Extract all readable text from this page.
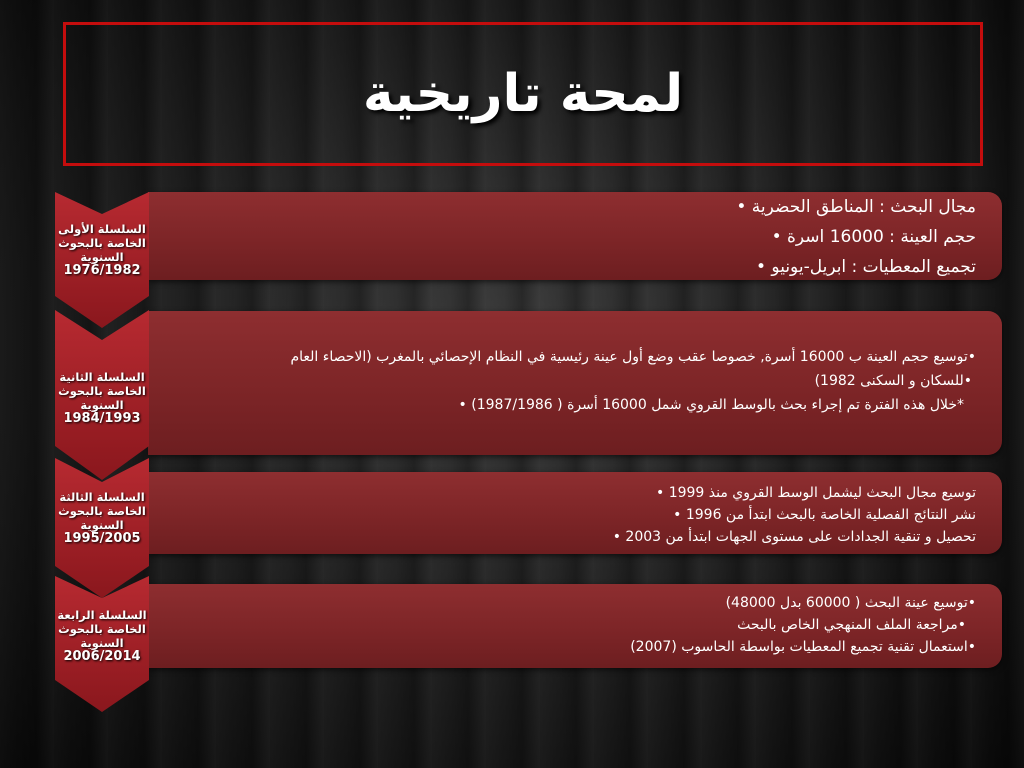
لمحة تاريخية
مجال البحث : المناطق الحضرية •
حجم العينة : 16000 اسرة •
تجميع المعطيات : ابريل-يونيو •
السلسلة الأولى
الخاصة بالبحوث
السنوية
1976/1982
•توسيع حجم العينة ب 16000 أسرة, خصوصا عقب وضع أول عينة رئيسية في النظام الإحصائي بالمغرب (الاحصاء العام
•للسكان و السكنى 1982)
*خلال هذه الفترة تم إجراء بحث بالوسط القروي شمل 16000 أسرة ( 1987/1986) •
السلسلة الثانية
الخاصة بالبحوث
السنوية
1984/1993
توسيع مجال البحث ليشمل الوسط القروي منذ 1999 •
نشر النتائج الفصلية الخاصة بالبحث ابتدأ من 1996 •
تحصيل و تنقية الجدادات على مستوى الجهات ابتدأ من 2003 •
السلسلة الثالثة
الخاصة بالبحوث
السنوية
1995/2005
•توسيع عينة البحث ( 60000 بدل 48000)
•مراجعة الملف المنهجي الخاص بالبحث
•استعمال تقنية تجميع المعطيات بواسطة الحاسوب (2007)
السلسلة الرابعة
الخاصة بالبحوث
السنوية
2006/2014
